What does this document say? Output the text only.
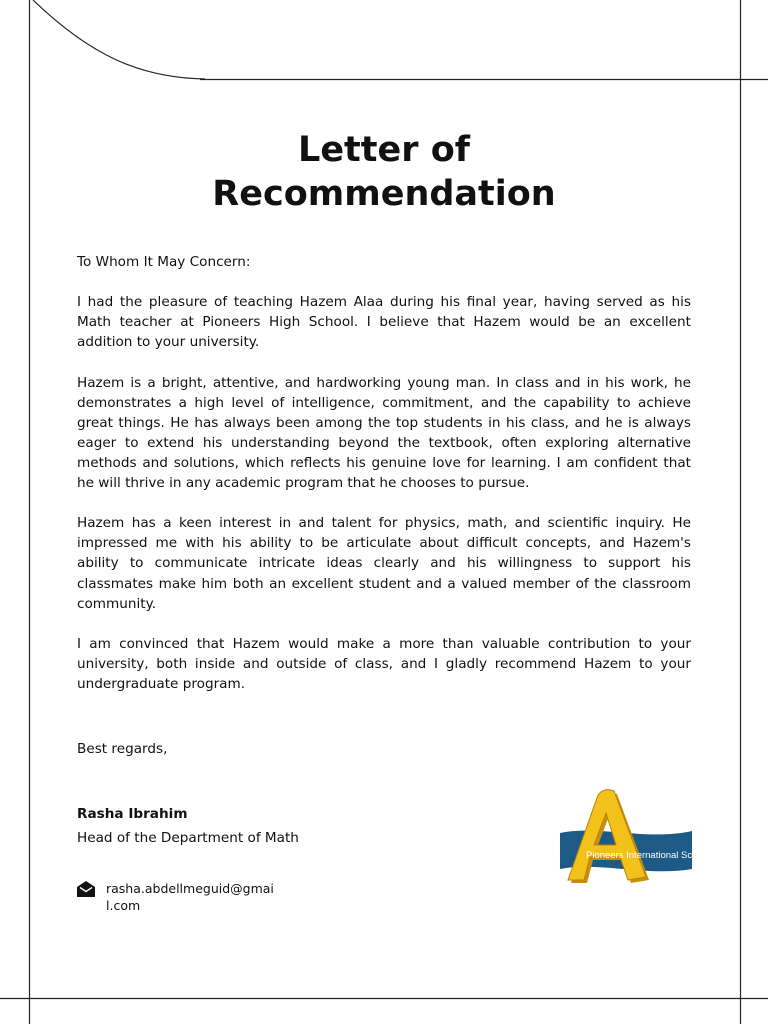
Letter of
Recommendation

To Whom It May Concern:

I had the pleasure of teaching Hazem Alaa during his final year, having served as his Math teacher at Pioneers High School. I believe that Hazem would be an excellent addition to your university.

Hazem is a bright, attentive, and hardworking young man. In class and in his work, he demonstrates a high level of intelligence, commitment, and the capability to achieve great things. He has always been among the top students in his class, and he is always eager to extend his understanding beyond the textbook, often exploring alternative methods and solutions, which reflects his genuine love for learning. I am confident that he will thrive in any academic program that he chooses to pursue.

Hazem has a keen interest in and talent for physics, math, and scientific inquiry. He impressed me with his ability to be articulate about difficult concepts, and Hazem's ability to communicate intricate ideas clearly and his willingness to support his classmates make him both an excellent student and a valued member of the classroom community.

I am convinced that Hazem would make a more than valuable contribution to your university, both inside and outside of class, and I gladly recommend Hazem to your undergraduate program.

Best regards,
Rasha Ibrahim
Head of the Department of Math
rasha.abdellmeguid@gmail.com
Pioneers International Sc
